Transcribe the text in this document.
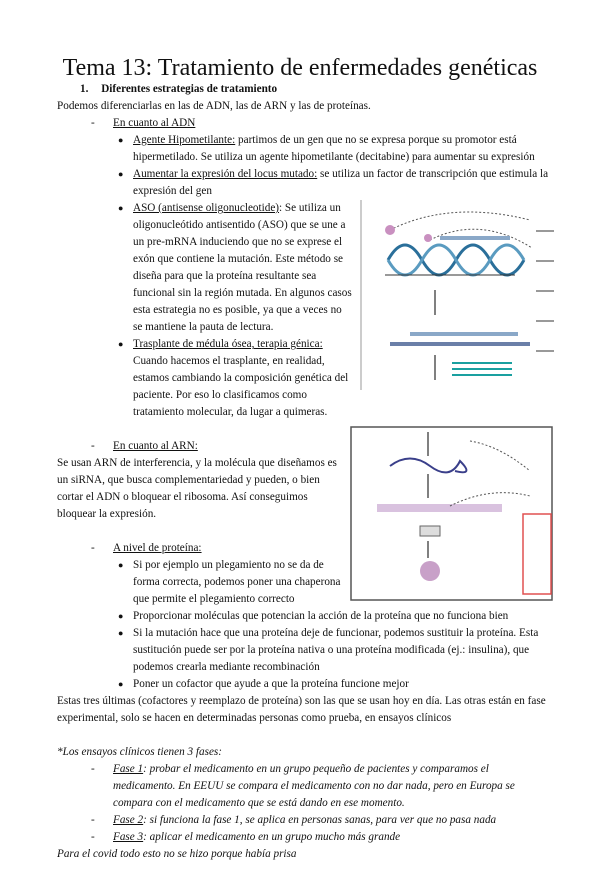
Tema 13: Tratamiento de enfermedades genéticas
1. Diferentes estrategias de tratamiento
Podemos diferenciarlas en las de ADN, las de ARN y las de proteínas.
- En cuanto al ADN
● Agente Hipometilante: partimos de un gen que no se expresa porque su promotor está hipermetilado. Se utiliza un agente hipometilante (decitabine) para aumentar su expresión
● Aumentar la expresión del locus mutado: se utiliza un factor de transcripción que estimula la expresión del gen
● ASO (antisense oligonucleotide): Se utiliza un oligonucleótido antisentido (ASO) que se une a un pre-mRNA induciendo que no se exprese el exón que contiene la mutación. Este método se diseña para que la proteína resultante sea funcional sin la región mutada. En algunos casos esta estrategia no es posible, ya que a veces no se mantiene la pauta de lectura.
● Trasplante de médula ósea, terapia génica: Cuando hacemos el trasplante, en realidad, estamos cambiando la composición genética del paciente. Por eso lo clasificamos como tratamiento molecular, da lugar a quimeras.
- En cuanto al ARN:
Se usan ARN de interferencia, y la molécula que diseñamos es un siRNA, que busca complementariedad y pueden, o bien cortar el ADN o bloquear el ribosoma. Así conseguimos bloquear la expresión.
- A nivel de proteína:
● Si por ejemplo un plegamiento no se da de forma correcta, podemos poner una chaperona que permite el plegamiento correcto
● Proporcionar moléculas que potencian la acción de la proteína que no funciona bien
● Si la mutación hace que una proteína deje de funcionar, podemos sustituir la proteína. Esta sustitución puede ser por la proteína nativa o una proteína modificada (ej.: insulina), que podemos crearla mediante recombinación
● Poner un cofactor que ayude a que la proteína funcione mejor
Estas tres últimas (cofactores y reemplazo de proteína) son las que se usan hoy en día. Las otras están en fase experimental, solo se hacen en determinadas personas como prueba, en ensayos clínicos
*Los ensayos clínicos tienen 3 fases:
- Fase 1: probar el medicamento en un grupo pequeño de pacientes y comparamos el medicamento. En EEUU se compara el medicamento con no dar nada, pero en Europa se compara con el medicamento que se está dando en ese momento.
- Fase 2: si funciona la fase 1, se aplica en personas sanas, para ver que no pasa nada
- Fase 3: aplicar el medicamento en un grupo mucho más grande
Para el covid todo esto no se hizo porque había prisa
